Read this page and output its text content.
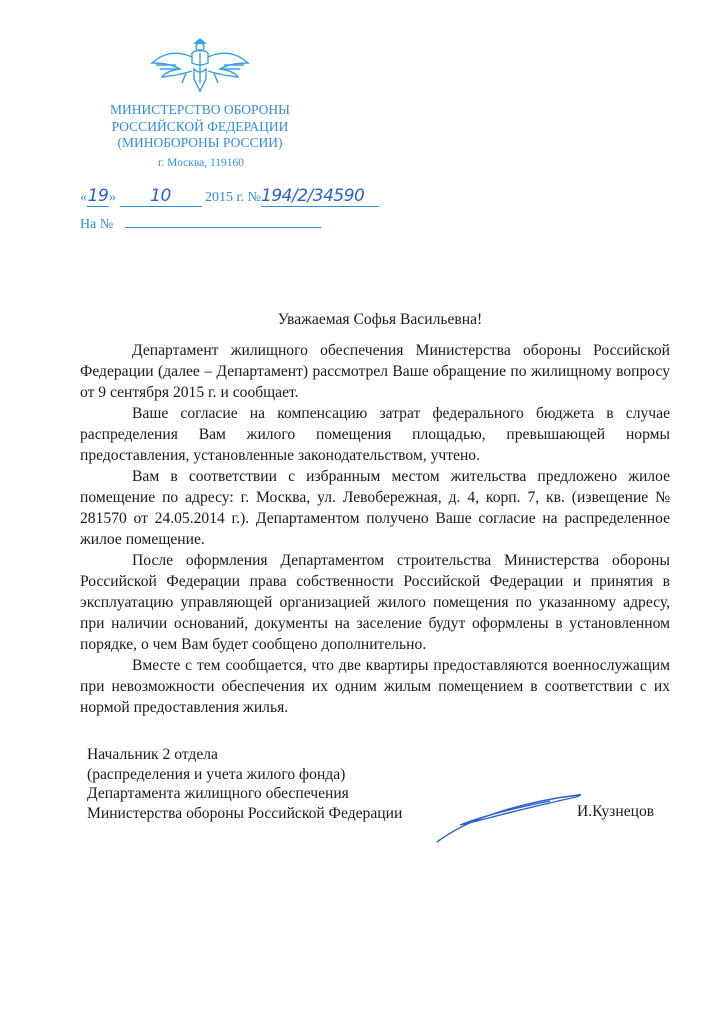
МИНИСТЕРСТВО ОБОРОНЫ
РОССИЙСКОЙ ФЕДЕРАЦИИ
(МИНОБОРОНЫ РОССИИ)
г. Москва, 119160
«19» 10 2015 г. №194/2/34590
На №
Уважаемая Софья Васильевна!

Департамент жилищного обеспечения Министерства обороны Российской Федерации (далее – Департамент) рассмотрел Ваше обращение по жилищному вопросу от 9 сентября 2015 г. и сообщает.

Ваше согласие на компенсацию затрат федерального бюджета в случае распределения Вам жилого помещения площадью, превышающей нормы предоставления, установленные законодательством, учтено.

Вам в соответствии с избранным местом жительства предложено жилое помещение по адресу: г. Москва, ул. Левобережная, д. 4, корп. 7, кв. (извещение № 281570 от 24.05.2014 г.). Департаментом получено Ваше согласие на распределенное жилое помещение.

После оформления Департаментом строительства Министерства обороны Российской Федерации права собственности Российской Федерации и принятия в эксплуатацию управляющей организацией жилого помещения по указанному адресу, при наличии оснований, документы на заселение будут оформлены в установленном порядке, о чем Вам будет сообщено дополнительно.

Вместе с тем сообщается, что две квартиры предоставляются военнослужащим при невозможности обеспечения их одним жилым помещением в соответствии с их нормой предоставления жилья.

Начальник 2 отдела
(распределения и учета жилого фонда)
Департамента жилищного обеспечения
Министерства обороны Российской Федерации	И.Кузнецов
